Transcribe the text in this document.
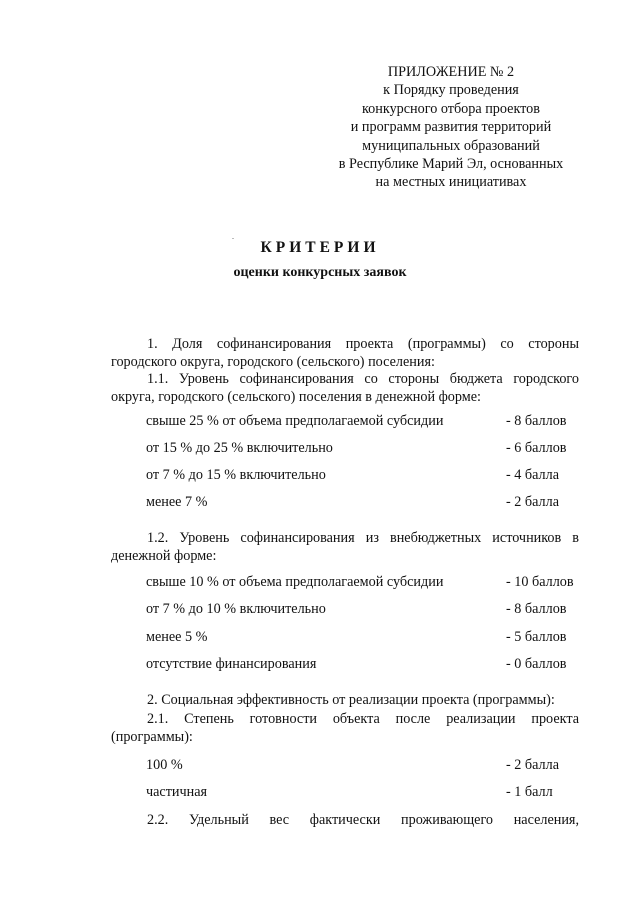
ПРИЛОЖЕНИЕ № 2
к Порядку проведения
конкурсного отбора проектов
и программ развития территорий
муниципальных образований
в Республике Марий Эл, основанных
на местных инициативах
КРИТЕРИИ
оценки конкурсных заявок
1. Доля софинансирования проекта (программы) со стороны городского округа, городского (сельского) поселения:
1.1. Уровень софинансирования со стороны бюджета городского округа, городского (сельского) поселения в денежной форме:
свыше 25 % от объема предполагаемой субсидии	- 8 баллов
от 15 % до 25 % включительно	- 6 баллов
от 7 % до 15 % включительно	- 4 балла
менее 7 %	- 2 балла
1.2. Уровень софинансирования из внебюджетных источников в денежной форме:
свыше 10 % от объема предполагаемой субсидии	- 10 баллов
от 7 % до 10 % включительно	- 8 баллов
менее 5 %	- 5 баллов
отсутствие финансирования	- 0 баллов
2. Социальная эффективность от реализации проекта (программы):
2.1. Степень готовности объекта после реализации проекта (программы):
100 %	- 2 балла
частичная	- 1 балл
2.2. Удельный вес фактически проживающего населения,
